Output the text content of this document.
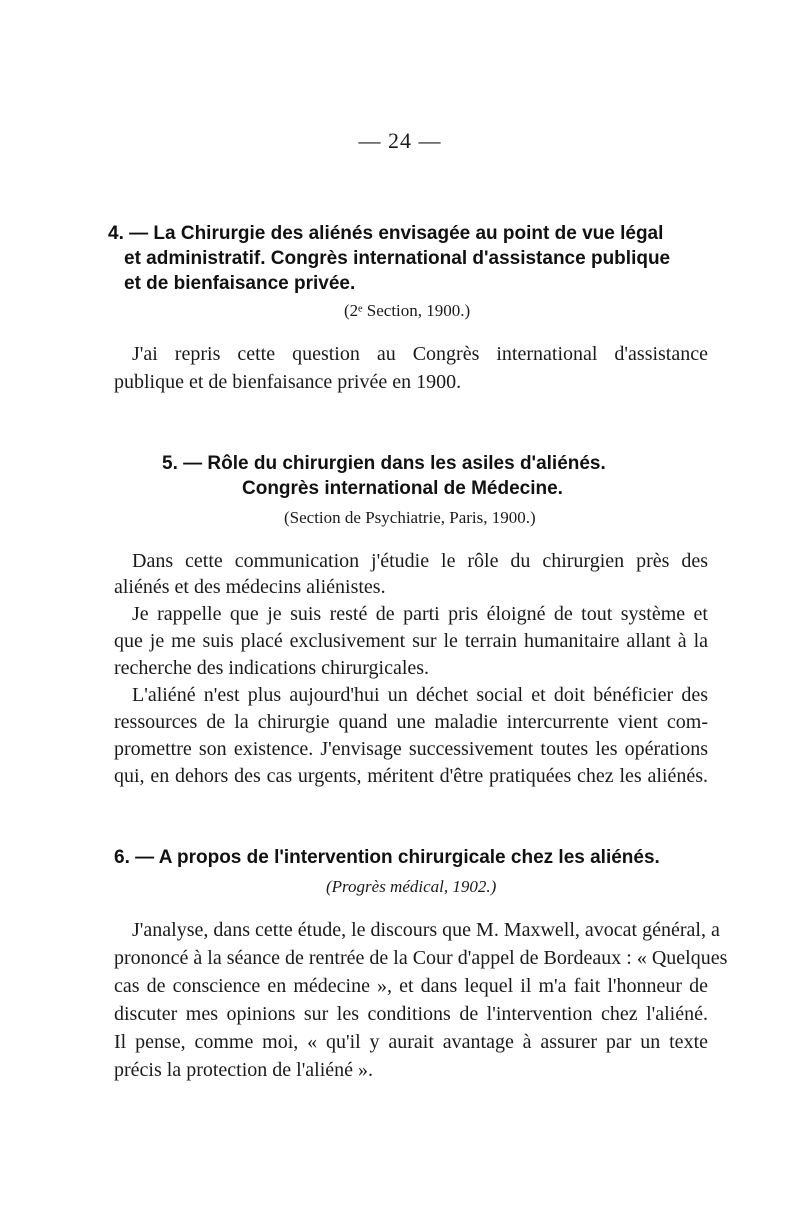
— 24 —
4. — La Chirurgie des aliénés envisagée au point de vue légal
et administratif. Congrès international d'assistance publique
et de bienfaisance privée.
(2ᵉ Section, 1900.)
J'ai repris cette question au Congrès international d'assistance
publique et de bienfaisance privée en 1900.
5. — Rôle du chirurgien dans les asiles d'aliénés.
Congrès international de Médecine.
(Section de Psychiatrie, Paris, 1900.)
Dans cette communication j'étudie le rôle du chirurgien près des
aliénés et des médecins aliénistes.
Je rappelle que je suis resté de parti pris éloigné de tout système et
que je me suis placé exclusivement sur le terrain humanitaire allant à la
recherche des indications chirurgicales.
L'aliéné n'est plus aujourd'hui un déchet social et doit bénéficier des
ressources de la chirurgie quand une maladie intercurrente vient com-
promettre son existence. J'envisage successivement toutes les opérations
qui, en dehors des cas urgents, méritent d'être pratiquées chez les aliénés.
6. — A propos de l'intervention chirurgicale chez les aliénés.
(Progrès médical, 1902.)
J'analyse, dans cette étude, le discours que M. Maxwell, avocat général, a
prononcé à la séance de rentrée de la Cour d'appel de Bordeaux : « Quelques
cas de conscience en médecine », et dans lequel il m'a fait l'honneur de
discuter mes opinions sur les conditions de l'intervention chez l'aliéné.
Il pense, comme moi, « qu'il y aurait avantage à assurer par un texte
précis la protection de l'aliéné ».
